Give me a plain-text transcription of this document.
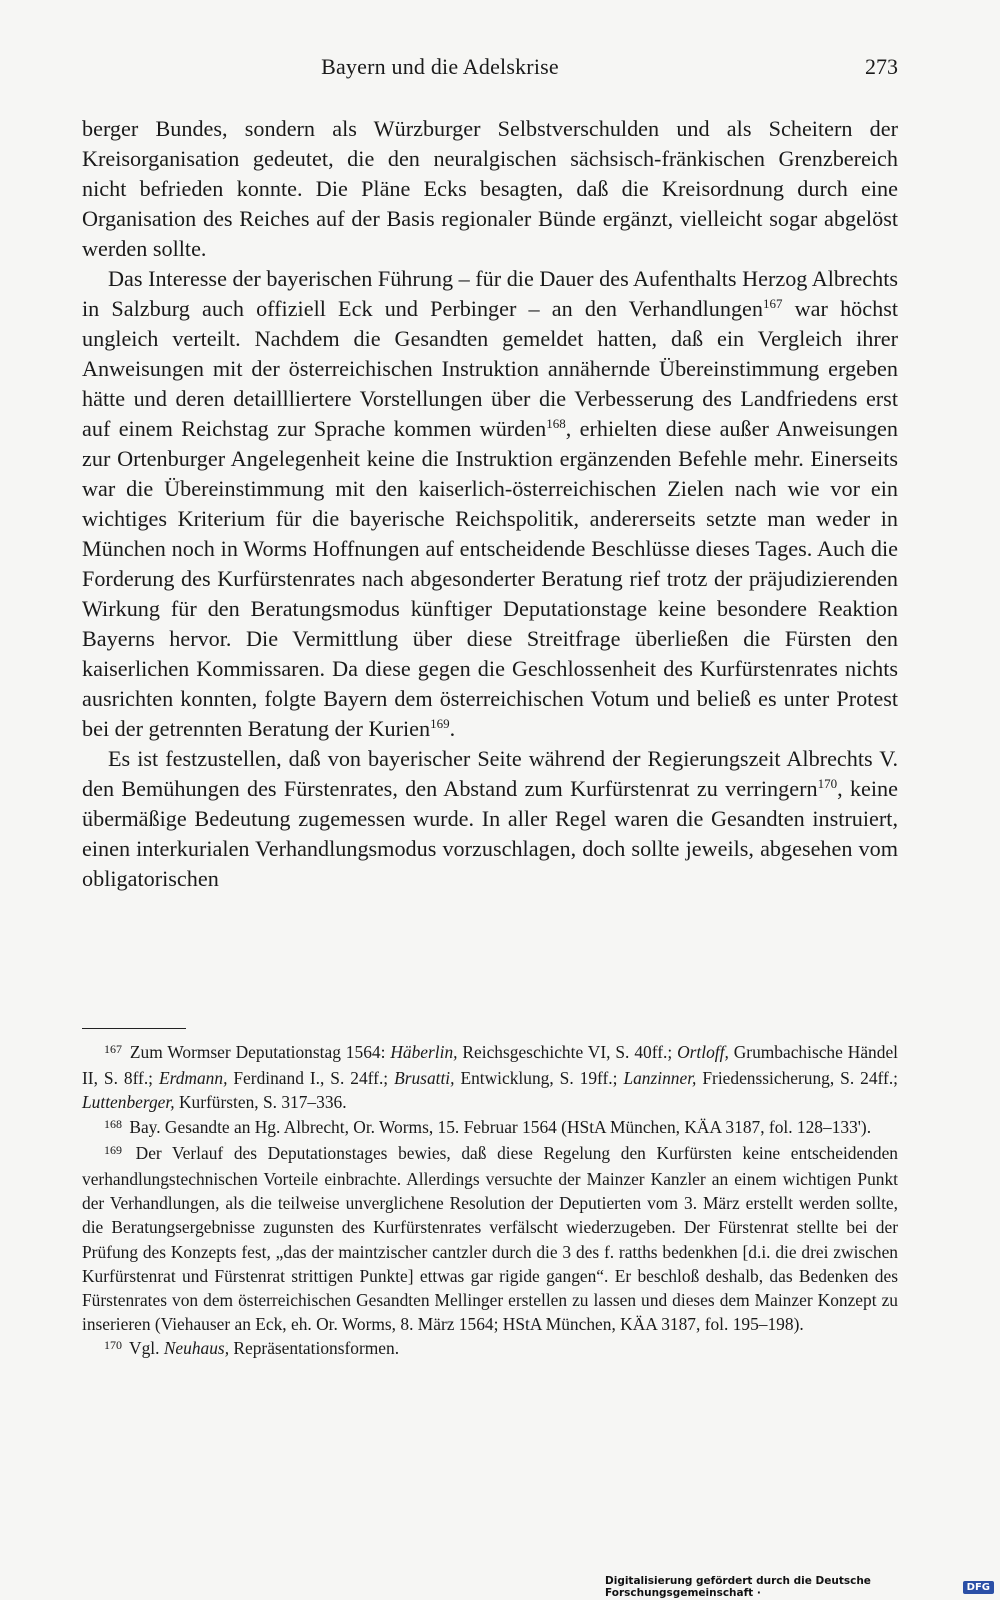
Bayern und die Adelskrise	273

berger Bundes, sondern als Würzburger Selbstverschulden und als Scheitern der Kreisorganisation gedeutet, die den neuralgischen sächsisch-fränkischen Grenzbereich nicht befrieden konnte. Die Pläne Ecks besagten, daß die Kreisordnung durch eine Organisation des Reiches auf der Basis regionaler Bünde ergänzt, vielleicht sogar abgelöst werden sollte.

Das Interesse der bayerischen Führung – für die Dauer des Aufenthalts Herzog Albrechts in Salzburg auch offiziell Eck und Perbinger – an den Verhandlungen$^{167}$ war höchst ungleich verteilt. Nachdem die Gesandten gemeldet hatten, daß ein Vergleich ihrer Anweisungen mit der österreichischen Instruktion annähernde Übereinstimmung ergeben hätte und deren detaillliertere Vorstellungen über die Verbesserung des Landfriedens erst auf einem Reichstag zur Sprache kommen würden$^{168}$, erhielten diese außer Anweisungen zur Ortenburger Angelegenheit keine die Instruktion ergänzenden Befehle mehr. Einerseits war die Übereinstimmung mit den kaiserlich-österreichischen Zielen nach wie vor ein wichtiges Kriterium für die bayerische Reichspolitik, andererseits setzte man weder in München noch in Worms Hoffnungen auf entscheidende Beschlüsse dieses Tages. Auch die Forderung des Kurfürstenrates nach abgesonderter Beratung rief trotz der präjudizierenden Wirkung für den Beratungsmodus künftiger Deputationstage keine besondere Reaktion Bayerns hervor. Die Vermittlung über diese Streitfrage überließen die Fürsten den kaiserlichen Kommissaren. Da diese gegen die Geschlossenheit des Kurfürstenrates nichts ausrichten konnten, folgte Bayern dem österreichischen Votum und beließ es unter Protest bei der getrennten Beratung der Kurien$^{169}$.

Es ist festzustellen, daß von bayerischer Seite während der Regierungszeit Albrechts V. den Bemühungen des Fürstenrates, den Abstand zum Kurfürstenrat zu verringern$^{170}$, keine übermäßige Bedeutung zugemessen wurde. In aller Regel waren die Gesandten instruiert, einen interkurialen Verhandlungsmodus vorzuschlagen, doch sollte jeweils, abgesehen vom obligatorischen

$^{167}$ Zum Wormser Deputationstag 1564: Häberlin, Reichsgeschichte VI, S. 40ff.; Ortloff, Grumbachische Händel II, S. 8ff.; Erdmann, Ferdinand I., S. 24ff.; Brusatti, Entwicklung, S. 19ff.; Lanzinner, Friedenssicherung, S. 24ff.; Luttenberger, Kurfürsten, S. 317–336.

$^{168}$ Bay. Gesandte an Hg. Albrecht, Or. Worms, 15. Februar 1564 (HStA München, KÄA 3187, fol. 128–133').

$^{169}$ Der Verlauf des Deputationstages bewies, daß diese Regelung den Kurfürsten keine entscheidenden verhandlungstechnischen Vorteile einbrachte. Allerdings versuchte der Mainzer Kanzler an einem wichtigen Punkt der Verhandlungen, als die teilweise unverglichene Resolution der Deputierten vom 3. März erstellt werden sollte, die Beratungsergebnisse zugunsten des Kurfürstenrates verfälscht wiederzugeben. Der Fürstenrat stellte bei der Prüfung des Konzepts fest, „das der maintzischer cantzler durch die 3 des f. ratths bedenkhen [d.i. die drei zwischen Kurfürstenrat und Fürstenrat strittigen Punkte] ettwas gar rigide gangen“. Er beschloß deshalb, das Bedenken des Fürstenrates von dem österreichischen Gesandten Mellinger erstellen zu lassen und dieses dem Mainzer Konzept zu inserieren (Viehauser an Eck, eh. Or. Worms, 8. März 1564; HStA München, KÄA 3187, fol. 195–198).

$^{170}$ Vgl. Neuhaus, Repräsentationsformen.

Digitalisierung gefördert durch die Deutsche Forschungsgemeinschaft ·	DFG
